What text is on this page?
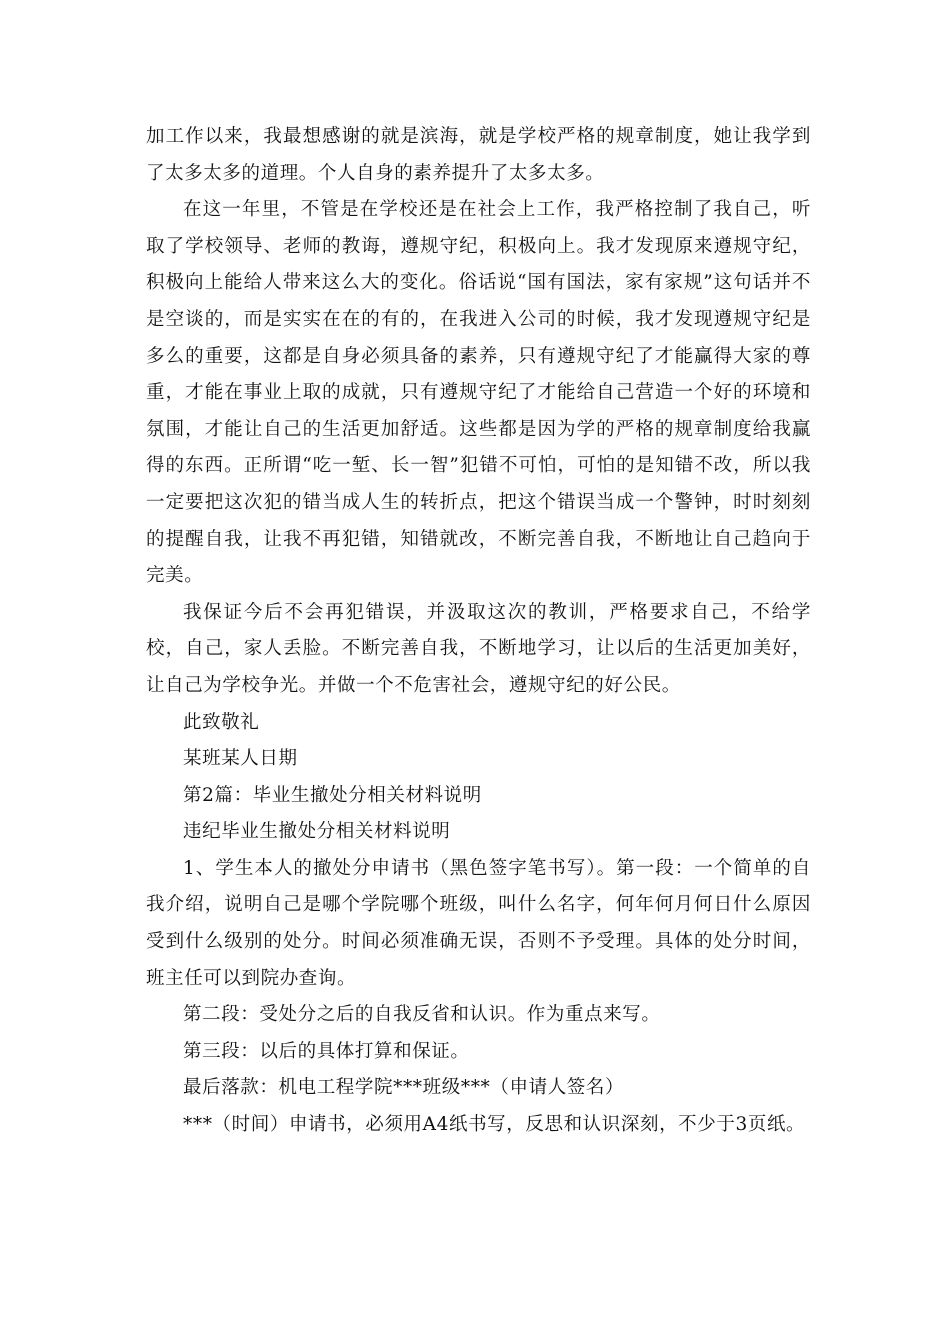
加工作以来，我最想感谢的就是滨海，就是学校严格的规章制度，她让我学到了太多太多的道理。个人自身的素养提升了太多太多。

在这一年里，不管是在学校还是在社会上工作，我严格控制了我自己，听取了学校领导、老师的教诲，遵规守纪，积极向上。我才发现原来遵规守纪，积极向上能给人带来这么大的变化。俗话说“国有国法，家有家规”这句话并不是空谈的，而是实实在在的有的，在我进入公司的时候，我才发现遵规守纪是多么的重要，这都是自身必须具备的素养，只有遵规守纪了才能赢得大家的尊重，才能在事业上取的成就，只有遵规守纪了才能给自己营造一个好的环境和氛围，才能让自己的生活更加舒适。这些都是因为学的严格的规章制度给我赢得的东西。正所谓“吃一堑、长一智”犯错不可怕，可怕的是知错不改，所以我一定要把这次犯的错当成人生的转折点，把这个错误当成一个警钟，时时刻刻的提醒自我，让我不再犯错，知错就改，不断完善自我，不断地让自己趋向于完美。

我保证今后不会再犯错误，并汲取这次的教训，严格要求自己，不给学校，自己，家人丢脸。不断完善自我，不断地学习，让以后的生活更加美好，让自己为学校争光。并做一个不危害社会，遵规守纪的好公民。

此致敬礼

某班某人日期

第2篇：毕业生撤处分相关材料说明

违纪毕业生撤处分相关材料说明

1、学生本人的撤处分申请书（黑色签字笔书写）。第一段：一个简单的自我介绍，说明自己是哪个学院哪个班级，叫什么名字，何年何月何日什么原因受到什么级别的处分。时间必须准确无误，否则不予受理。具体的处分时间，班主任可以到院办查询。

第二段：受处分之后的自我反省和认识。作为重点来写。

第三段：以后的具体打算和保证。

最后落款：机电工程学院***班级***（申请人签名）

***（时间）申请书，必须用A4纸书写，反思和认识深刻，不少于3页纸。
